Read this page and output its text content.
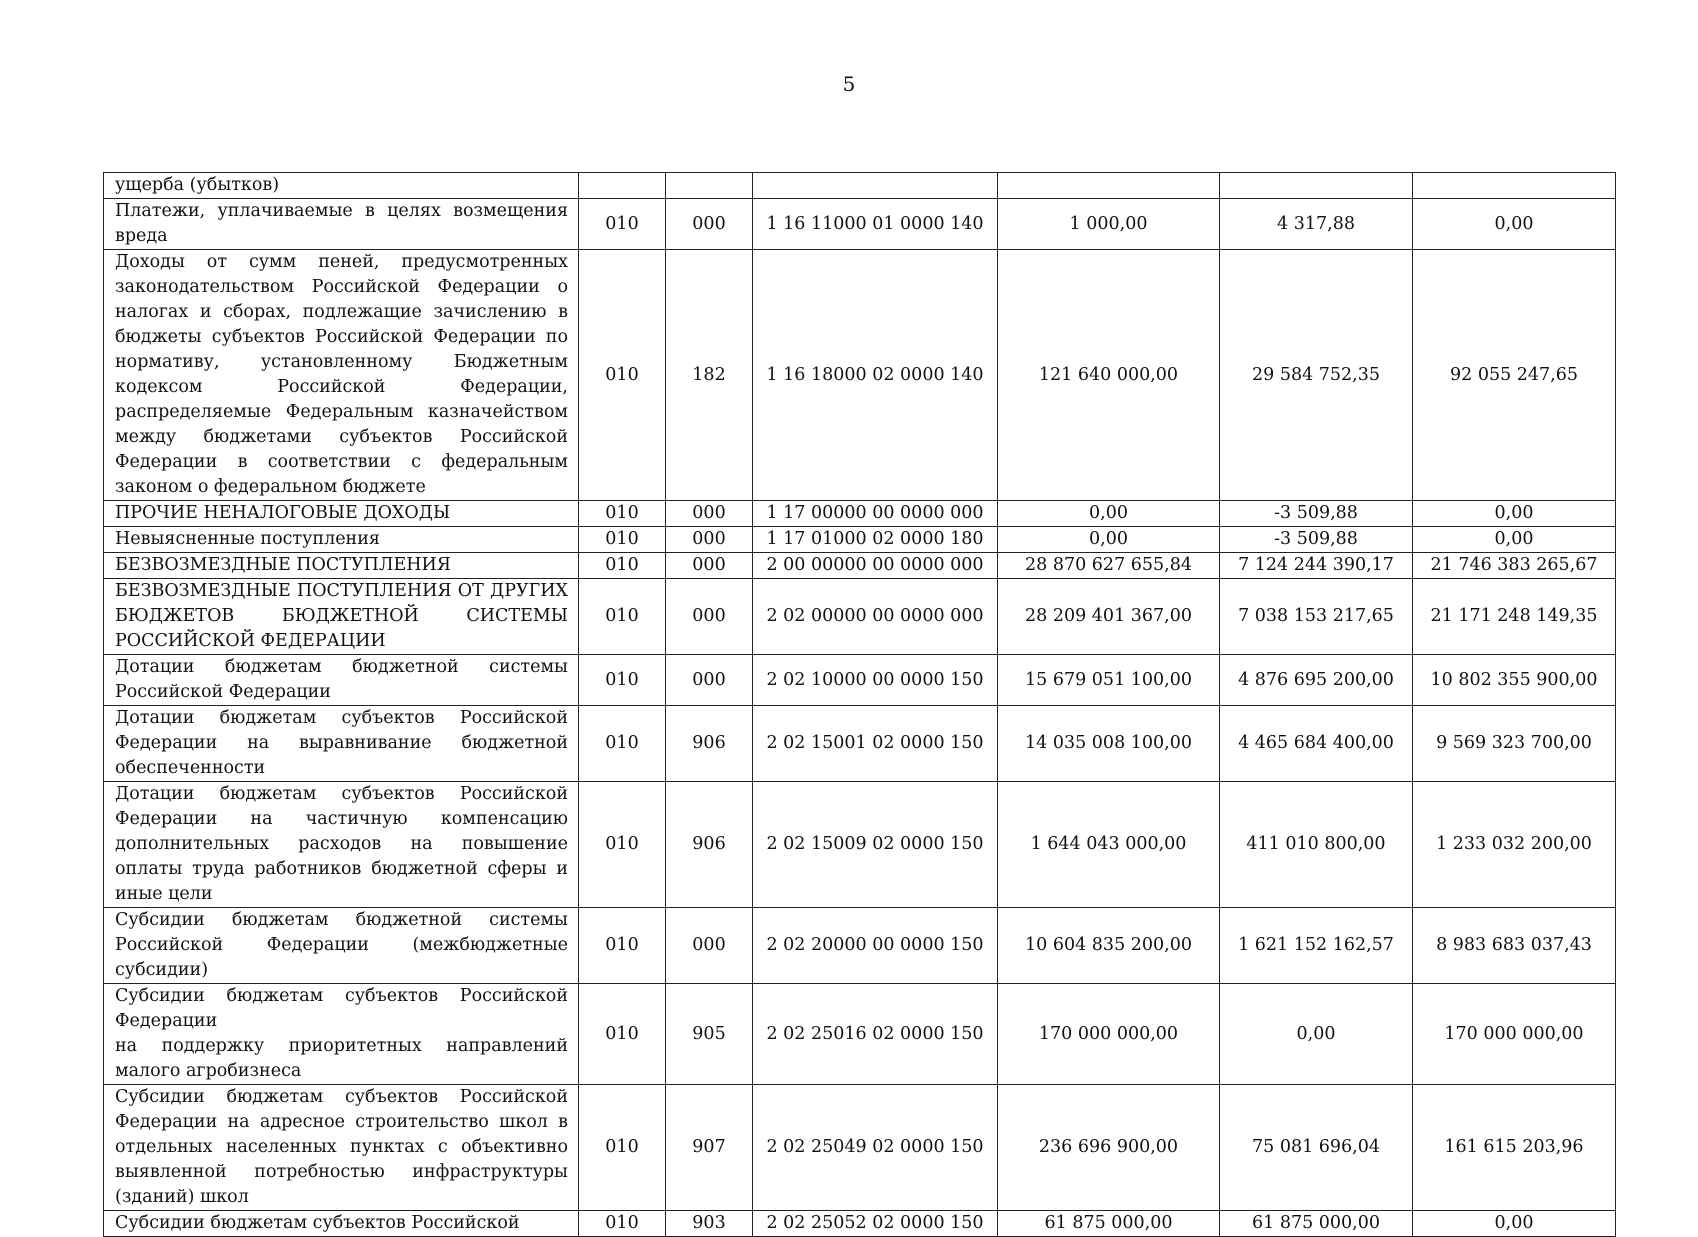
5
ущерба (убытков)						
Платежи, уплачиваемые в целях возмещения вреда	010	000	1 16 11000 01 0000 140	1 000,00	4 317,88	0,00
Доходы от сумм пеней, предусмотренных законодательством Российской Федерации о налогах и сборах, подлежащие зачислению в бюджеты субъектов Российской Федерации по нормативу, установленному Бюджетным кодексом Российской Федерации, распределяемые Федеральным казначейством между бюджетами субъектов Российской Федерации в соответствии с федеральным законом о федеральном бюджете	010	182	1 16 18000 02 0000 140	121 640 000,00	29 584 752,35	92 055 247,65
ПРОЧИЕ НЕНАЛОГОВЫЕ ДОХОДЫ	010	000	1 17 00000 00 0000 000	0,00	-3 509,88	0,00
Невыясненные поступления	010	000	1 17 01000 02 0000 180	0,00	-3 509,88	0,00
БЕЗВОЗМЕЗДНЫЕ ПОСТУПЛЕНИЯ	010	000	2 00 00000 00 0000 000	28 870 627 655,84	7 124 244 390,17	21 746 383 265,67
БЕЗВОЗМЕЗДНЫЕ ПОСТУПЛЕНИЯ ОТ ДРУГИХ БЮДЖЕТОВ БЮДЖЕТНОЙ СИСТЕМЫ РОССИЙСКОЙ ФЕДЕРАЦИИ	010	000	2 02 00000 00 0000 000	28 209 401 367,00	7 038 153 217,65	21 171 248 149,35
Дотации бюджетам бюджетной системы Российской Федерации	010	000	2 02 10000 00 0000 150	15 679 051 100,00	4 876 695 200,00	10 802 355 900,00
Дотации бюджетам субъектов Российской Федерации на выравнивание бюджетной обеспеченности	010	906	2 02 15001 02 0000 150	14 035 008 100,00	4 465 684 400,00	9 569 323 700,00
Дотации бюджетам субъектов Российской Федерации на частичную компенсацию дополнительных расходов на повышение оплаты труда работников бюджетной сферы и иные цели	010	906	2 02 15009 02 0000 150	1 644 043 000,00	411 010 800,00	1 233 032 200,00
Субсидии бюджетам бюджетной системы Российской Федерации (межбюджетные субсидии)	010	000	2 02 20000 00 0000 150	10 604 835 200,00	1 621 152 162,57	8 983 683 037,43
Субсидии бюджетам субъектов Российской Федерации
на поддержку приоритетных направлений малого агробизнеса	010	905	2 02 25016 02 0000 150	170 000 000,00	0,00	170 000 000,00
Субсидии бюджетам субъектов Российской Федерации на адресное строительство школ в отдельных населенных пунктах с объективно выявленной потребностью инфраструктуры (зданий) школ	010	907	2 02 25049 02 0000 150	236 696 900,00	75 081 696,04	161 615 203,96
Субсидии бюджетам субъектов Российской	010	903	2 02 25052 02 0000 150	61 875 000,00	61 875 000,00	0,00
